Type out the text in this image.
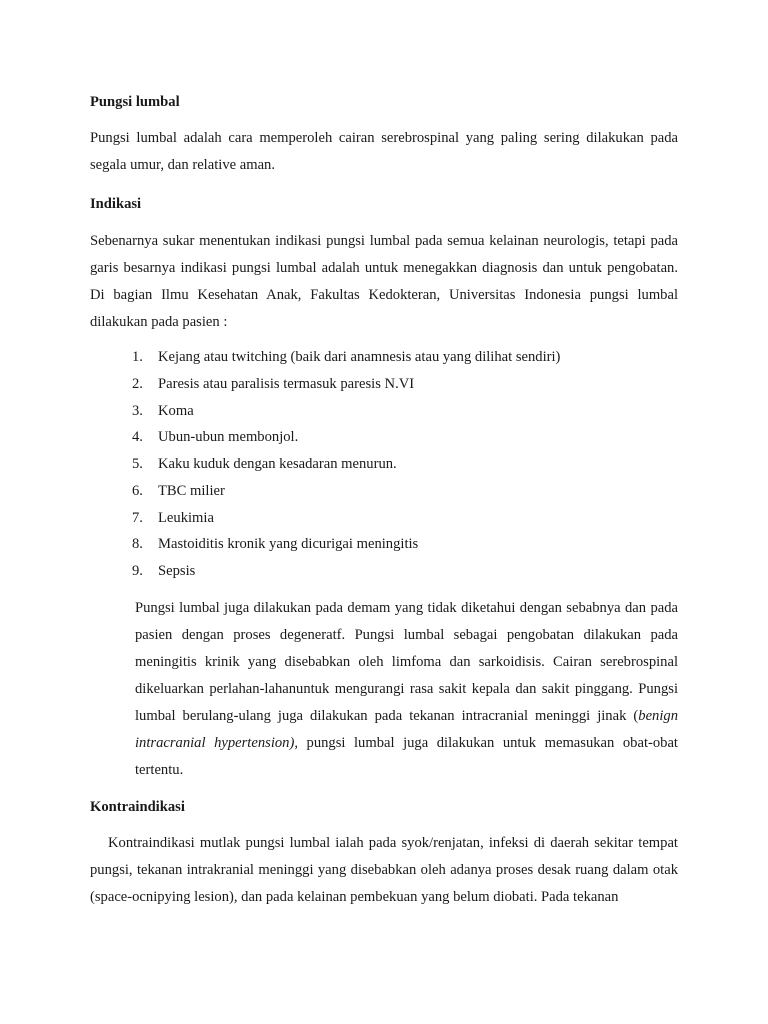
Pungsi lumbal

Pungsi lumbal adalah cara memperoleh cairan serebrospinal yang paling sering dilakukan pada segala umur, dan relative aman.

Indikasi

Sebenarnya sukar menentukan indikasi pungsi lumbal pada semua kelainan neurologis, tetapi pada garis besarnya indikasi pungsi lumbal adalah untuk menegakkan diagnosis dan untuk pengobatan. Di bagian Ilmu Kesehatan Anak, Fakultas Kedokteran, Universitas Indonesia pungsi lumbal dilakukan pada pasien :

1.	Kejang atau twitching (baik dari anamnesis atau yang dilihat sendiri)
2.	Paresis atau paralisis termasuk paresis N.VI
3.	Koma
4.	Ubun-ubun membonjol.
5.	Kaku kuduk dengan kesadaran menurun.
6.	TBC milier
7.	Leukimia
8.	Mastoiditis kronik yang dicurigai meningitis
9.	Sepsis

Pungsi lumbal juga dilakukan pada demam yang tidak diketahui dengan sebabnya dan pada pasien dengan proses degeneratf. Pungsi lumbal sebagai pengobatan dilakukan pada meningitis krinik yang disebabkan oleh limfoma dan sarkoidisis. Cairan serebrospinal dikeluarkan perlahan-lahanuntuk mengurangi rasa sakit kepala dan sakit pinggang. Pungsi lumbal berulang-ulang juga dilakukan pada tekanan intracranial meninggi jinak (benign intracranial hypertension), pungsi lumbal juga dilakukan untuk memasukan obat-obat tertentu.

Kontraindikasi

Kontraindikasi mutlak pungsi lumbal ialah pada syok/renjatan, infeksi di daerah sekitar tempat pungsi, tekanan intrakranial meninggi yang disebabkan oleh adanya proses desak ruang dalam otak (space-ocnipying lesion), dan pada kelainan pembekuan yang belum diobati. Pada tekanan
